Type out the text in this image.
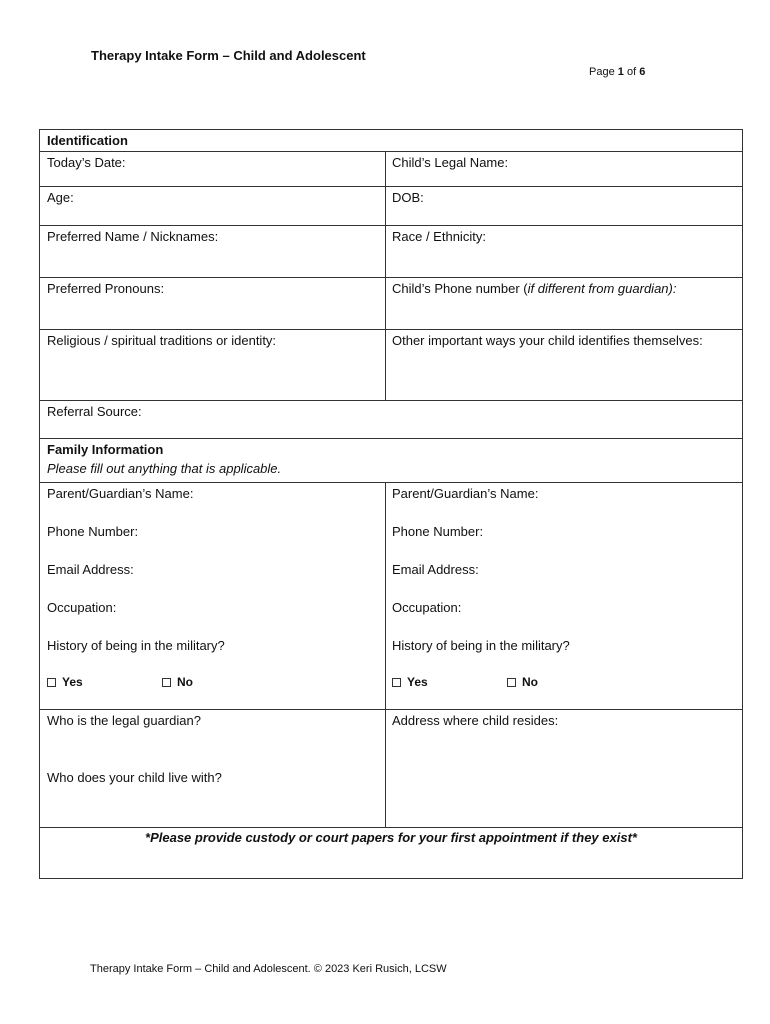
Therapy Intake Form – Child and Adolescent
Page 1 of 6
Identification
Today’s Date:	Child’s Legal Name:
Age:	DOB:
Preferred Name / Nicknames:	Race / Ethnicity:
Preferred Pronouns:	Child’s Phone number (if different from guardian):
Religious / spiritual traditions or identity:	Other important ways your child identifies themselves:
Referral Source:
Family Information
Please fill out anything that is applicable.
Parent/Guardian’s Name:	Parent/Guardian’s Name:
Phone Number:	Phone Number:
Email Address:	Email Address:
Occupation:	Occupation:
History of being in the military?	History of being in the military?
Yes	No	Yes	No
Who is the legal guardian?	Address where child resides:
Who does your child live with?
*Please provide custody or court papers for your first appointment if they exist*
Therapy Intake Form – Child and Adolescent. © 2023 Keri Rusich, LCSW
